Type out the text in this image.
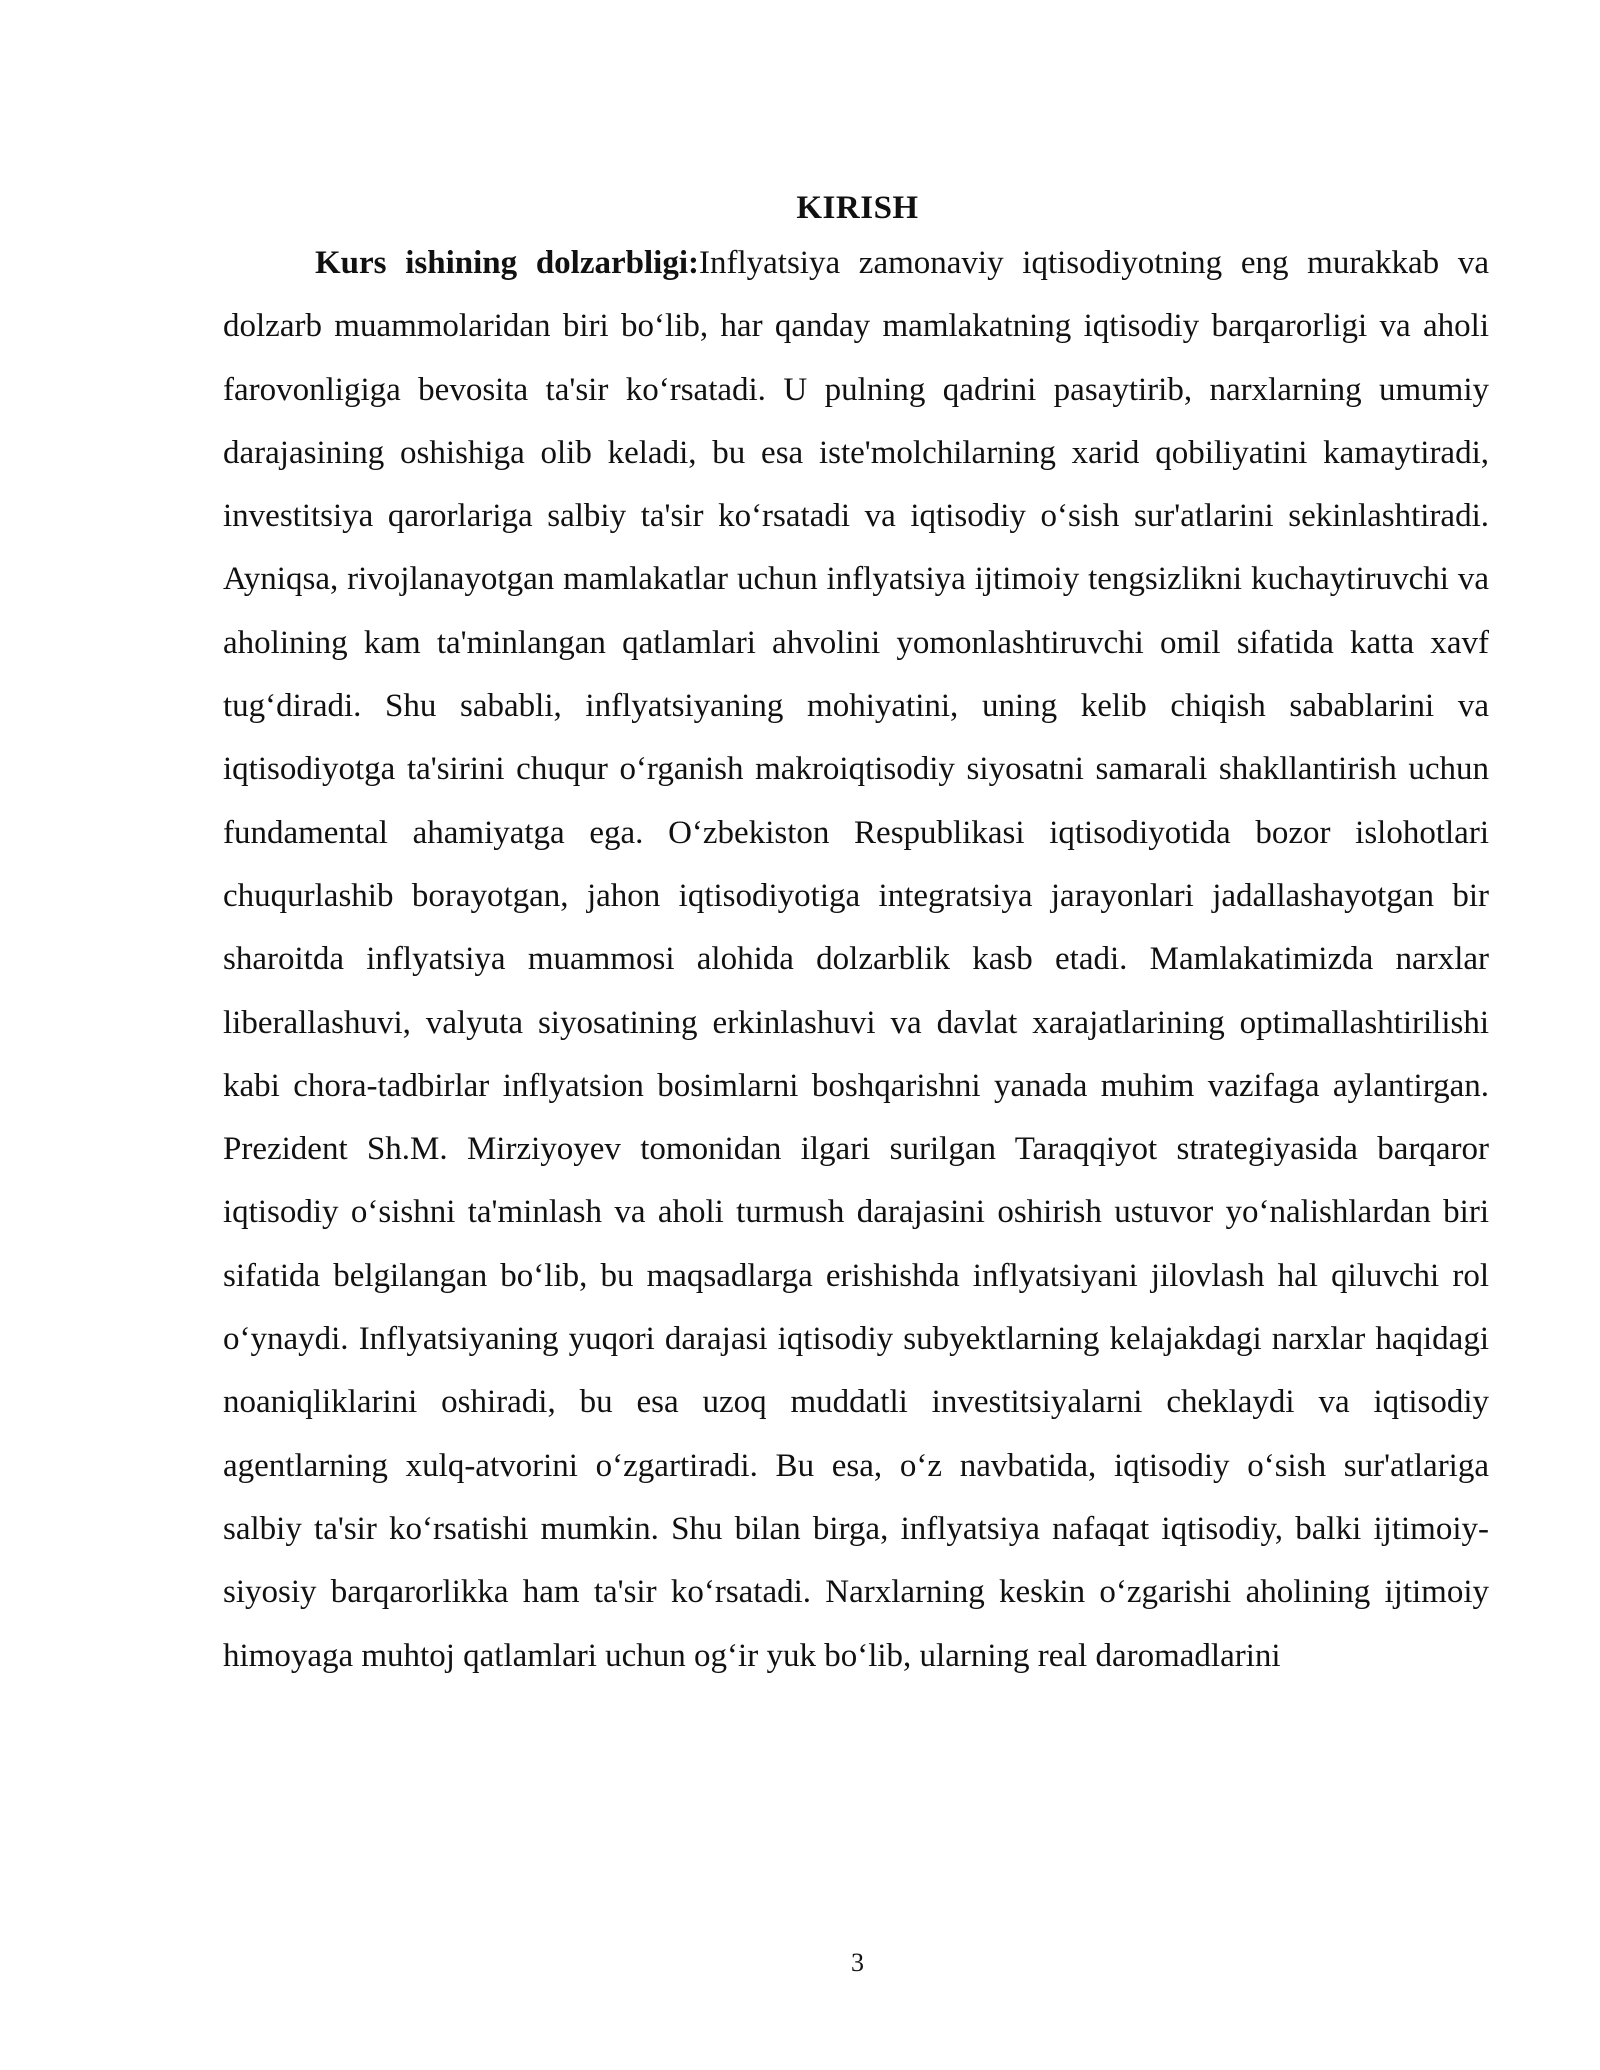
KIRISH

Kurs ishining dolzarbligi:Inflyatsiya zamonaviy iqtisodiyotning eng murakkab va dolzarb muammolaridan biri bo‘lib, har qanday mamlakatning iqtisodiy barqarorligi va aholi farovonligiga bevosita ta'sir ko‘rsatadi. U pulning qadrini pasaytirib, narxlarning umumiy darajasining oshishiga olib keladi, bu esa iste'molchilarning xarid qobiliyatini kamaytiradi, investitsiya qarorlariga salbiy ta'sir ko‘rsatadi va iqtisodiy o‘sish sur'atlarini sekinlashtiradi. Ayniqsa, rivojlanayotgan mamlakatlar uchun inflyatsiya ijtimoiy tengsizlikni kuchaytiruvchi va aholining kam ta'minlangan qatlamlari ahvolini yomonlashtiruvchi omil sifatida katta xavf tug‘diradi. Shu sababli, inflyatsiyaning mohiyatini, uning kelib chiqish sabablarini va iqtisodiyotga ta'sirini chuqur o‘rganish makroiqtisodiy siyosatni samarali shakllantirish uchun fundamental ahamiyatga ega. O‘zbekiston Respublikasi iqtisodiyotida bozor islohotlari chuqurlashib borayotgan, jahon iqtisodiyotiga integratsiya jarayonlari jadallashayotgan bir sharoitda inflyatsiya muammosi alohida dolzarblik kasb etadi. Mamlakatimizda narxlar liberallashuvi, valyuta siyosatining erkinlashuvi va davlat xarajatlarining optimallashtirilishi kabi chora-tadbirlar inflyatsion bosimlarni boshqarishni yanada muhim vazifaga aylantirgan. Prezident Sh.M. Mirziyoyev tomonidan ilgari surilgan Taraqqiyot strategiyasida barqaror iqtisodiy o‘sishni ta'minlash va aholi turmush darajasini oshirish ustuvor yo‘nalishlardan biri sifatida belgilangan bo‘lib, bu maqsadlarga erishishda inflyatsiyani jilovlash hal qiluvchi rol o‘ynaydi. Inflyatsiyaning yuqori darajasi iqtisodiy subyektlarning kelajakdagi narxlar haqidagi noaniqliklarini oshiradi, bu esa uzoq muddatli investitsiyalarni cheklaydi va iqtisodiy agentlarning xulq-atvorini o‘zgartiradi. Bu esa, o‘z navbatida, iqtisodiy o‘sish sur'atlariga salbiy ta'sir ko‘rsatishi mumkin. Shu bilan birga, inflyatsiya nafaqat iqtisodiy, balki ijtimoiy-siyosiy barqarorlikka ham ta'sir ko‘rsatadi. Narxlarning keskin o‘zgarishi aholining ijtimoiy himoyaga muhtoj qatlamlari uchun og‘ir yuk bo‘lib, ularning real daromadlarini

3
